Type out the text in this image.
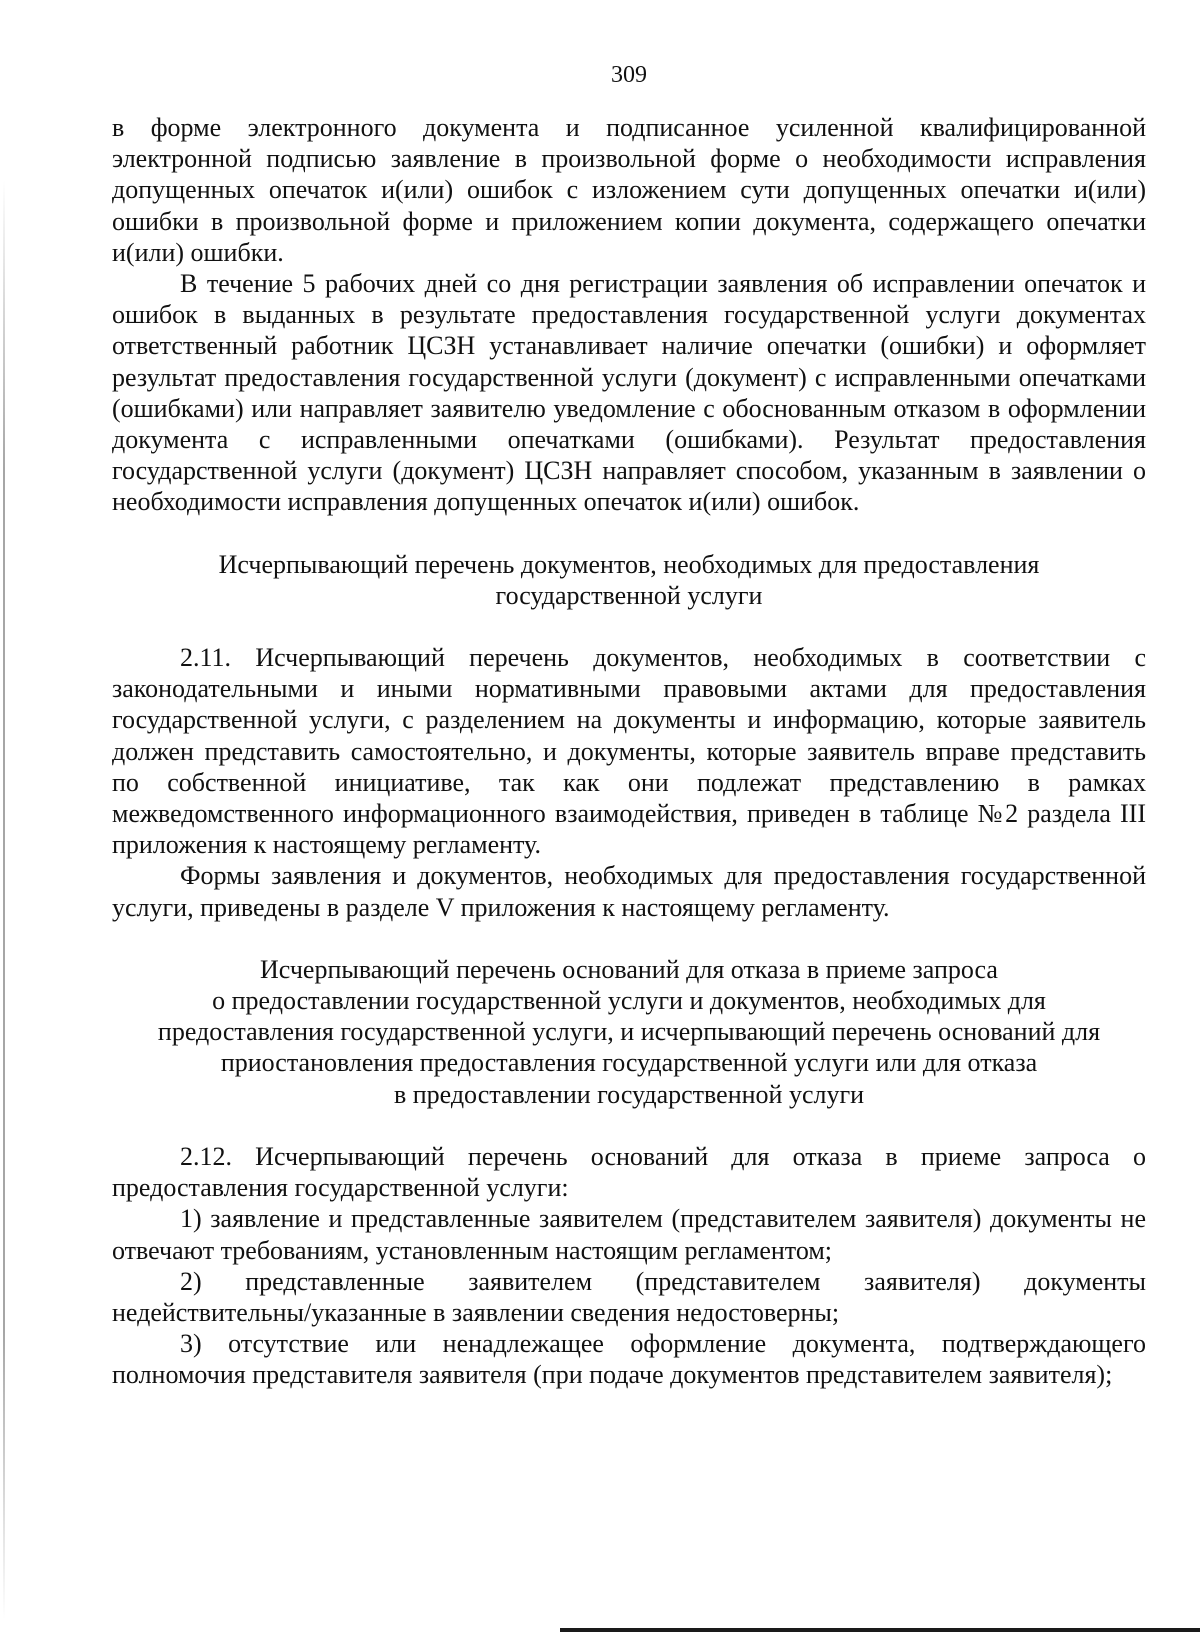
309

в форме электронного документа и подписанное усиленной квалифицированной электронной подписью заявление в произвольной форме о необходимости исправления допущенных опечаток и(или) ошибок с изложением сути допущенных опечатки и(или) ошибки в произвольной форме и приложением копии документа, содержащего опечатки и(или) ошибки.

В течение 5 рабочих дней со дня регистрации заявления об исправлении опечаток и ошибок в выданных в результате предоставления государственной услуги документах ответственный работник ЦСЗН устанавливает наличие опечатки (ошибки) и оформляет результат предоставления государственной услуги (документ) с исправленными опечатками (ошибками) или направляет заявителю уведомление с обоснованным отказом в оформлении документа с исправленными опечатками (ошибками). Результат предоставления государственной услуги (документ) ЦСЗН направляет способом, указанным в заявлении о необходимости исправления допущенных опечаток и(или) ошибок.

Исчерпывающий перечень документов, необходимых для предоставления
государственной услуги

2.11. Исчерпывающий перечень документов, необходимых в соответствии с законодательными и иными нормативными правовыми актами для предоставления государственной услуги, с разделением на документы и информацию, которые заявитель должен представить самостоятельно, и документы, которые заявитель вправе представить по собственной инициативе, так как они подлежат представлению в рамках межведомственного информационного взаимодействия, приведен в таблице №2 раздела III приложения к настоящему регламенту.

Формы заявления и документов, необходимых для предоставления государственной услуги, приведены в разделе V приложения к настоящему регламенту.

Исчерпывающий перечень оснований для отказа в приеме запроса
о предоставлении государственной услуги и документов, необходимых для
предоставления государственной услуги, и исчерпывающий перечень оснований для
приостановления предоставления государственной услуги или для отказа
в предоставлении государственной услуги

2.12. Исчерпывающий перечень оснований для отказа в приеме запроса о предоставления государственной услуги:

1) заявление и представленные заявителем (представителем заявителя) документы не отвечают требованиям, установленным настоящим регламентом;

2) представленные заявителем (представителем заявителя) документы недействительны/указанные в заявлении сведения недостоверны;

3) отсутствие или ненадлежащее оформление документа, подтверждающего полномочия представителя заявителя (при подаче документов представителем заявителя);
